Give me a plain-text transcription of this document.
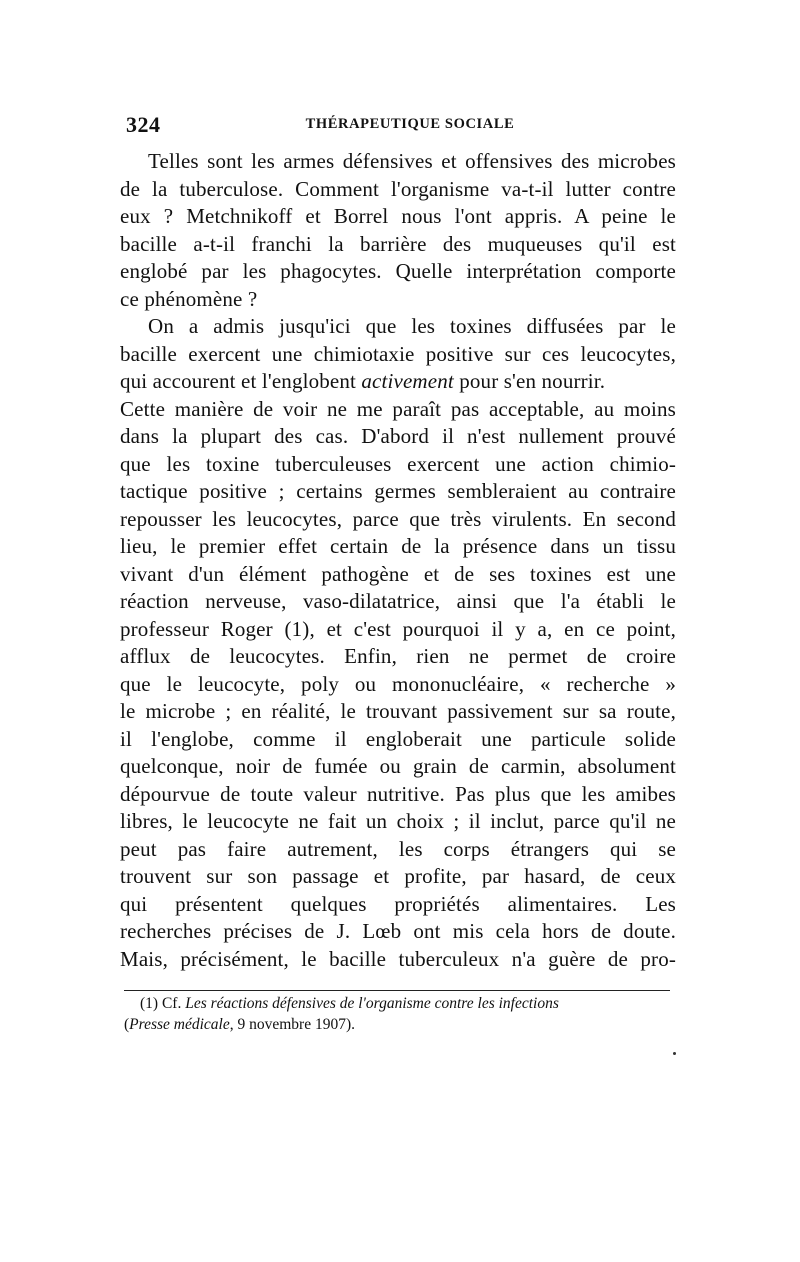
324	THÉRAPEUTIQUE SOCIALE
Telles sont les armes défensives et offensives des microbes
de la tuberculose. Comment l'organisme va-t-il lutter contre
eux ? Metchnikoff et Borrel nous l'ont appris. A peine le
bacille a-t-il franchi la barrière des muqueuses qu'il est
englobé par les phagocytes. Quelle interprétation comporte
ce phénomène ?
On a admis jusqu'ici que les toxines diffusées par le
bacille exercent une chimiotaxie positive sur ces leucocytes,
qui accourent et l'englobent activement pour s'en nourrir.
Cette manière de voir ne me paraît pas acceptable, au moins
dans la plupart des cas. D'abord il n'est nullement prouvé
que les toxine tuberculeuses exercent une action chimio-
tactique positive ; certains germes sembleraient au contraire
repousser les leucocytes, parce que très virulents. En second
lieu, le premier effet certain de la présence dans un tissu
vivant d'un élément pathogène et de ses toxines est une
réaction nerveuse, vaso-dilatatrice, ainsi que l'a établi le
professeur Roger (1), et c'est pourquoi il y a, en ce point,
afflux de leucocytes. Enfin, rien ne permet de croire
que le leucocyte, poly ou mononucléaire, « recherche »
le microbe ; en réalité, le trouvant passivement sur sa route,
il l'englobe, comme il engloberait une particule solide
quelconque, noir de fumée ou grain de carmin, absolument
dépourvue de toute valeur nutritive. Pas plus que les amibes
libres, le leucocyte ne fait un choix ; il inclut, parce qu'il ne
peut pas faire autrement, les corps étrangers qui se
trouvent sur son passage et profite, par hasard, de ceux
qui présentent quelques propriétés alimentaires. Les
recherches précises de J. Lœb ont mis cela hors de doute.
Mais, précisément, le bacille tuberculeux n'a guère de pro-
(1) Cf. Les réactions défensives de l'organisme contre les infections
(Presse médicale, 9 novembre 1907).
